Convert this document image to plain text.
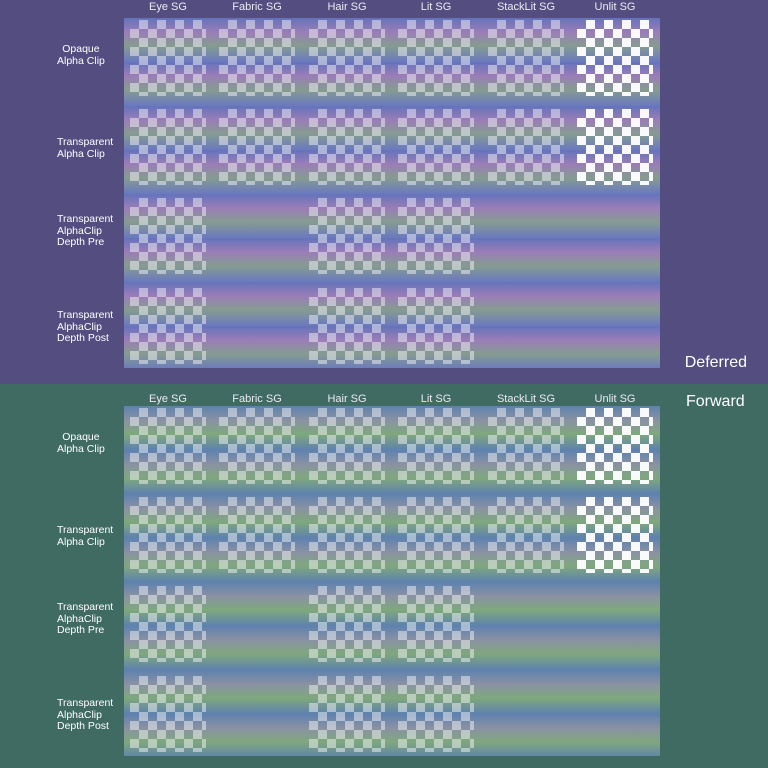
Deferred
Eye SG	Fabric SG	Hair SG	Lit SG	StackLit SG	Unlit SG
Opaque
Alpha Clip
Transparent
Alpha Clip
Transparent
AlphaClip
Depth Pre
Transparent
AlphaClip
Depth Post
Forward
Eye SG	Fabric SG	Hair SG	Lit SG	StackLit SG	Unlit SG
Opaque
Alpha Clip
Transparent
Alpha Clip
Transparent
AlphaClip
Depth Pre
Transparent
AlphaClip
Depth Post
